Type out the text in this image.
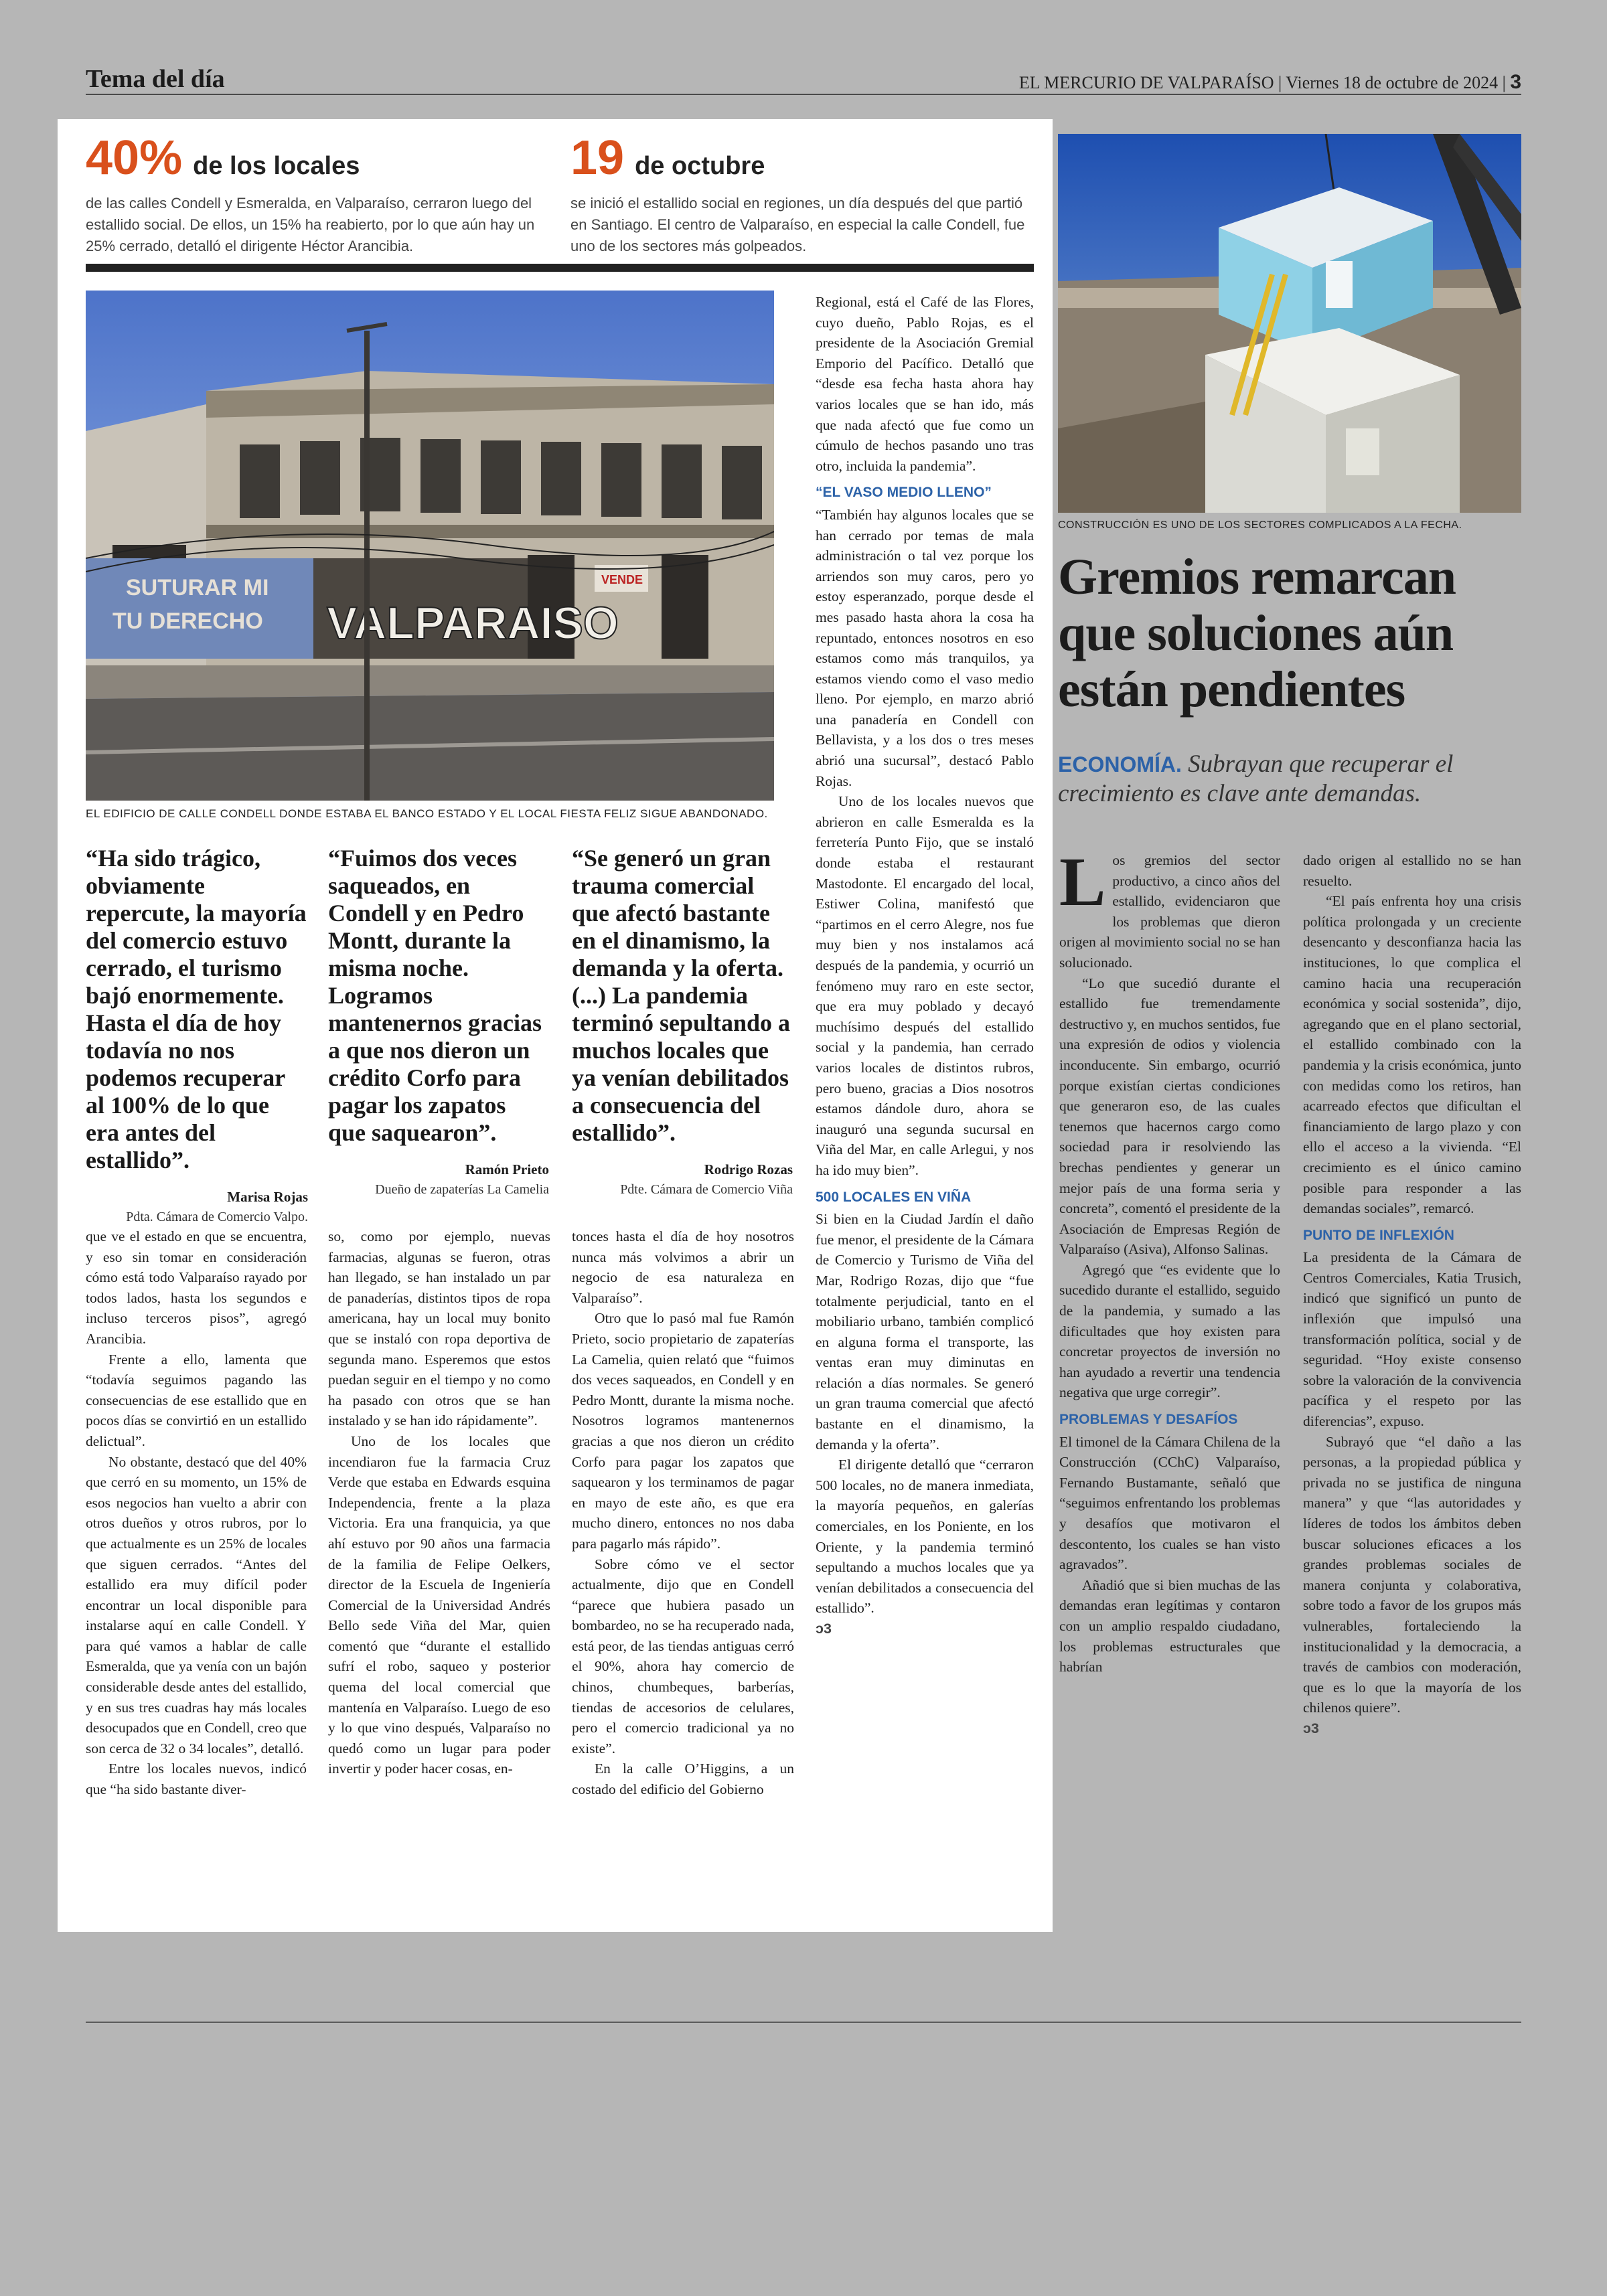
Tema del día	EL MERCURIO DE VALPARAÍSO | Viernes 18 de octubre de 2024 | 3
40% de los locales
de las calles Condell y Esmeralda, en Valparaíso, cerraron luego del estallido social. De ellos, un 15% ha reabierto, por lo que aún hay un 25% cerrado, detalló el dirigente Héctor Arancibia.
19 de octubre
se inició el estallido social en regiones, un día después del que partió en Santiago. El centro de Valparaíso, en especial la calle Condell, fue uno de los sectores más golpeados.
SUTURAR MI
TU DERECHO VALPARAISO
VENDE
EL EDIFICIO DE CALLE CONDELL DONDE ESTABA EL BANCO ESTADO Y EL LOCAL FIESTA FELIZ SIGUE ABANDONADO.
“Ha sido trágico, obviamente repercute, la mayoría del comercio estuvo cerrado, el turismo bajó enormemente. Hasta el día de hoy todavía no nos podemos recuperar al 100% de lo que era antes del estallido”.
Marisa Rojas
Pdta. Cámara de Comercio Valpo.
“Fuimos dos veces saqueados, en Condell y en Pedro Montt, durante la misma noche. Logramos mantenernos gracias a que nos dieron un crédito Corfo para pagar los zapatos que saquearon”.
Ramón Prieto
Dueño de zapaterías La Camelia
“Se generó un gran trauma comercial que afectó bastante en el dinamismo, la demanda y la oferta. (...) La pandemia terminó sepultando a muchos locales que ya venían debilitados a consecuencia del estallido”.
Rodrigo Rozas
Pdte. Cámara de Comercio Viña

que ve el estado en que se encuentra, y eso sin tomar en consideración cómo está todo Valparaíso rayado por todos lados, hasta los segundos e incluso terceros pisos”, agregó Arancibia.

Frente a ello, lamenta que “todavía seguimos pagando las consecuencias de ese estallido que en pocos días se convirtió en un estallido delictual”.

No obstante, destacó que del 40% que cerró en su momento, un 15% de esos negocios han vuelto a abrir con otros dueños y otros rubros, por lo que actualmente es un 25% de locales que siguen cerrados. “Antes del estallido era muy difícil poder encontrar un local disponible para instalarse aquí en calle Condell. Y para qué vamos a hablar de calle Esmeralda, que ya venía con un bajón considerable desde antes del estallido, y en sus tres cuadras hay más locales desocupados que en Condell, creo que son cerca de 32 o 34 locales”, detalló.

Entre los locales nuevos, indicó que “ha sido bastante diver-

so, como por ejemplo, nuevas farmacias, algunas se fueron, otras han llegado, se han instalado un par de panaderías, distintos tipos de ropa americana, hay un local muy bonito que se instaló con ropa deportiva de segunda mano. Esperemos que estos puedan seguir en el tiempo y no como ha pasado con otros que se han instalado y se han ido rápidamente”.

Uno de los locales que incendiaron fue la farmacia Cruz Verde que estaba en Edwards esquina Independencia, frente a la plaza Victoria. Era una franquicia, ya que ahí estuvo por 90 años una farmacia de la familia de Felipe Oelkers, director de la Escuela de Ingeniería Comercial de la Universidad Andrés Bello sede Viña del Mar, quien comentó que “durante el estallido sufrí el robo, saqueo y posterior quema del local comercial que mantenía en Valparaíso. Luego de eso y lo que vino después, Valparaíso no quedó como un lugar para poder invertir y poder hacer cosas, en-

tonces hasta el día de hoy nosotros nunca más volvimos a abrir un negocio de esa naturaleza en Valparaíso”.

Otro que lo pasó mal fue Ramón Prieto, socio propietario de zapaterías La Camelia, quien relató que “fuimos dos veces saqueados, en Condell y en Pedro Montt, durante la misma noche. Nosotros logramos mantenernos gracias a que nos dieron un crédito Corfo para pagar los zapatos que saquearon y los terminamos de pagar en mayo de este año, es que era mucho dinero, entonces no nos daba para pagarlo más rápido”.

Sobre cómo ve el sector actualmente, dijo que en Condell “parece que hubiera pasado un bombardeo, no se ha recuperado nada, está peor, de las tiendas antiguas cerró el 90%, ahora hay comercio de chinos, chumbeques, barberías, tiendas de accesorios de celulares, pero el comercio tradicional ya no existe”.

En la calle O’Higgins, a un costado del edificio del Gobierno

Regional, está el Café de las Flores, cuyo dueño, Pablo Rojas, es el presidente de la Asociación Gremial Emporio del Pacífico. Detalló que “desde esa fecha hasta ahora hay varios locales que se han ido, más que nada afectó que fue como un cúmulo de hechos pasando uno tras otro, incluida la pandemia”.

“EL VASO MEDIO LLENO”

“También hay algunos locales que se han cerrado por temas de mala administración o tal vez porque los arriendos son muy caros, pero yo estoy esperanzado, porque desde el mes pasado hasta ahora la cosa ha repuntado, entonces nosotros en eso estamos como más tranquilos, ya estamos viendo como el vaso medio lleno. Por ejemplo, en marzo abrió una panadería en Condell con Bellavista, y a los dos o tres meses abrió una sucursal”, destacó Pablo Rojas.

Uno de los locales nuevos que abrieron en calle Esmeralda es la ferretería Punto Fijo, que se instaló donde estaba el restaurant Mastodonte. El encargado del local, Estiwer Colina, manifestó que “partimos en el cerro Alegre, nos fue muy bien y nos instalamos acá después de la pandemia, y ocurrió un fenómeno muy raro en este sector, que era muy poblado y decayó muchísimo después del estallido social y la pandemia, han cerrado varios locales de distintos rubros, pero bueno, gracias a Dios nosotros estamos dándole duro, ahora se inauguró una segunda sucursal en Viña del Mar, en calle Arlegui, y nos ha ido muy bien”.

500 LOCALES EN VIÑA

Si bien en la Ciudad Jardín el daño fue menor, el presidente de la Cámara de Comercio y Turismo de Viña del Mar, Rodrigo Rozas, dijo que “fue totalmente perjudicial, tanto en el mobiliario urbano, también complicó en alguna forma el transporte, las ventas eran muy diminutas en relación a días normales. Se generó un gran trauma comercial que afectó bastante en el dinamismo, la demanda y la oferta”.

El dirigente detalló que “cerraron 500 locales, no de manera inmediata, la mayoría pequeños, en galerías comerciales, en los Poniente, en los Oriente, y la pandemia terminó sepultando a muchos locales que ya venían debilitados a consecuencia del estallido”.

ↄ3
CONSTRUCCIÓN ES UNO DE LOS SECTORES COMPLICADOS A LA FECHA.
Gremios remarcan que soluciones aún están pendientes
ECONOMÍA. Subrayan que recuperar el crecimiento es clave ante demandas.

Los gremios del sector productivo, a cinco años del estallido, evidenciaron que los problemas que dieron origen al movimiento social no se han solucionado.

“Lo que sucedió durante el estallido fue tremendamente destructivo y, en muchos sentidos, fue una expresión de odios y violencia inconducente. Sin embargo, ocurrió porque existían ciertas condiciones que generaron eso, de las cuales tenemos que hacernos cargo como sociedad para ir resolviendo las brechas pendientes y generar un mejor país de una forma seria y concreta”, comentó el presidente de la Asociación de Empresas Región de Valparaíso (Asiva), Alfonso Salinas.

Agregó que “es evidente que lo sucedido durante el estallido, seguido de la pandemia, y sumado a las dificultades que hoy existen para concretar proyectos de inversión no han ayudado a revertir una tendencia negativa que urge corregir”.

PROBLEMAS Y DESAFÍOS

El timonel de la Cámara Chilena de la Construcción (CChC) Valparaíso, Fernando Bustamante, señaló que “seguimos enfrentando los problemas y desafíos que motivaron el descontento, los cuales se han visto agravados”.

Añadió que si bien muchas de las demandas eran legítimas y contaron con un amplio respaldo ciudadano, los problemas estructurales que habrían

dado origen al estallido no se han resuelto.

“El país enfrenta hoy una crisis política prolongada y un creciente desencanto y desconfianza hacia las instituciones, lo que complica el camino hacia una recuperación económica y social sostenida”, dijo, agregando que en el plano sectorial, el estallido combinado con la pandemia y la crisis económica, junto con medidas como los retiros, han acarreado efectos que dificultan el financiamiento de largo plazo y con ello el acceso a la vivienda. “El crecimiento es el único camino posible para responder a las demandas sociales”, remarcó.

PUNTO DE INFLEXIÓN

La presidenta de la Cámara de Centros Comerciales, Katia Trusich, indicó que significó un punto de inflexión que impulsó una transformación política, social y de seguridad. “Hoy existe consenso sobre la valoración de la convivencia pacífica y el respeto por las diferencias”, expuso.

Subrayó que “el daño a las personas, a la propiedad pública y privada no se justifica de ninguna manera” y que “las autoridades y líderes de todos los ámbitos deben buscar soluciones eficaces a los grandes problemas sociales de manera conjunta y colaborativa, sobre todo a favor de los grupos más vulnerables, fortaleciendo la institucionalidad y la democracia, a través de cambios con moderación, que es lo que la mayoría de los chilenos quiere”.

ↄ3
